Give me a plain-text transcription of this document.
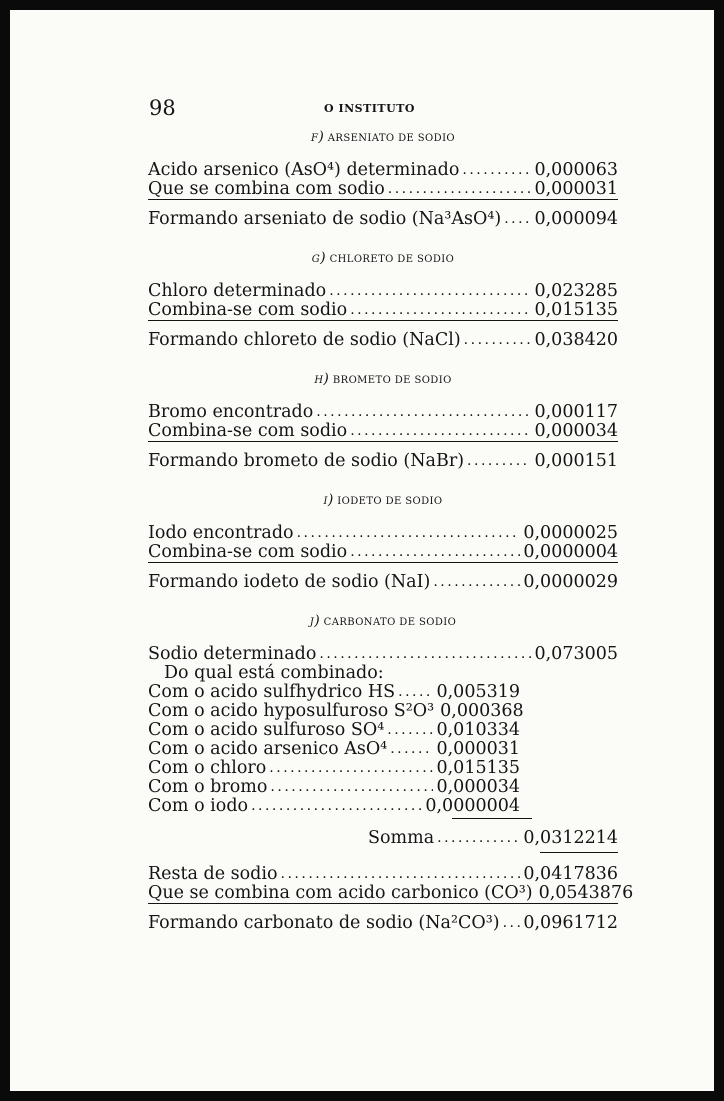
98	O INSTITUTO
f) ARSENIATO DE SODIO
Acido arsenico (AsO⁴) determinado .....	0,000063
Que se combina com sodio .....	0,000031
Formando arseniato de sodio (Na³AsO⁴) ..... 0,000094
g) CHLORETO DE SODIO
Chloro determinado .....	0,023285
Combina-se com sodio .....	0,015135
Formando chloreto de sodio (NaCl) .....	0,038420
h) BROMETO DE SODIO
Bromo encontrado .....	0,000117
Combina-se com sodio .....	0,000034
Formando brometo de sodio (NaBr) .....	0,000151
i) IODETO DE SODIO
Iodo encontrado .....	0,0000025
Combina-se com sodio .....	0,0000004
Formando iodeto de sodio (NaI) .....	0,0000029
j) CARBONATO DE SODIO
Sodio determinado .....	0,073005
Do qual está combinado:
Com o acido sulfhydrico HS ..... 0,005319
Com o acido hyposulfuroso S²O³ 0,000368
Com o acido sulfuroso SO⁴ .....	0,010334
Com o acido arsenico AsO⁴ .....	0,000031
Com o chloro .....	0,015135
Com o bromo .....	0,000034
Com o iodo .....	0,0000004
Somma .....	0,0312214
Resta de sodio .....	0,0417836
Que se combina com acido carbonico (CO³) 0,0543876
Formando carbonato de sodio (Na²CO³) ..... 0,0961712
